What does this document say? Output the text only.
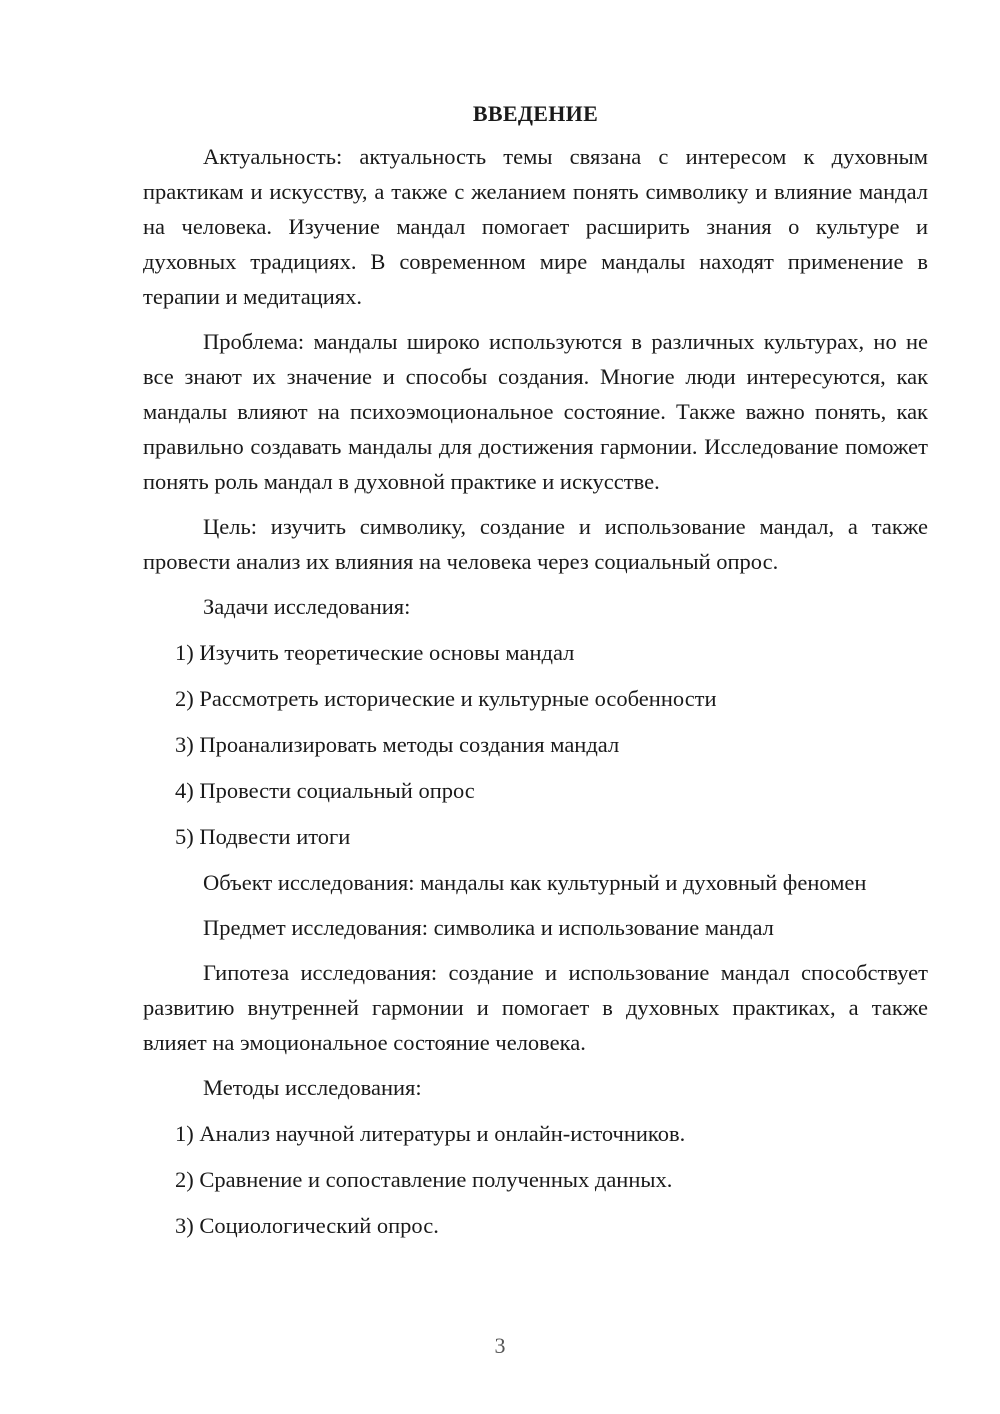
ВВЕДЕНИЕ

Актуальность: актуальность темы связана с интересом к духовным практикам и искусству, а также с желанием понять символику и влияние мандал на человека. Изучение мандал помогает расширить знания о культуре и духовных традициях. В современном мире мандалы находят применение в терапии и медитациях.

Проблема: мандалы широко используются в различных культурах, но не все знают их значение и способы создания. Многие люди интересуются, как мандалы влияют на психоэмоциональное состояние. Также важно понять, как правильно создавать мандалы для достижения гармонии. Исследование поможет понять роль мандал в духовной практике и искусстве.

Цель: изучить символику, создание и использование мандал, а также провести анализ их влияния на человека через социальный опрос.

Задачи исследования:

1) Изучить теоретические основы мандал

2) Рассмотреть исторические и культурные особенности

3) Проанализировать методы создания мандал

4) Провести социальный опрос

5) Подвести итоги

Объект исследования: мандалы как культурный и духовный феномен

Предмет исследования: символика и использование мандал

Гипотеза исследования: создание и использование мандал способствует развитию внутренней гармонии и помогает в духовных практиках, а также влияет на эмоциональное состояние человека.

Методы исследования:

1) Анализ научной литературы и онлайн-источников.

2) Сравнение и сопоставление полученных данных.

3) Социологический опрос.

3
